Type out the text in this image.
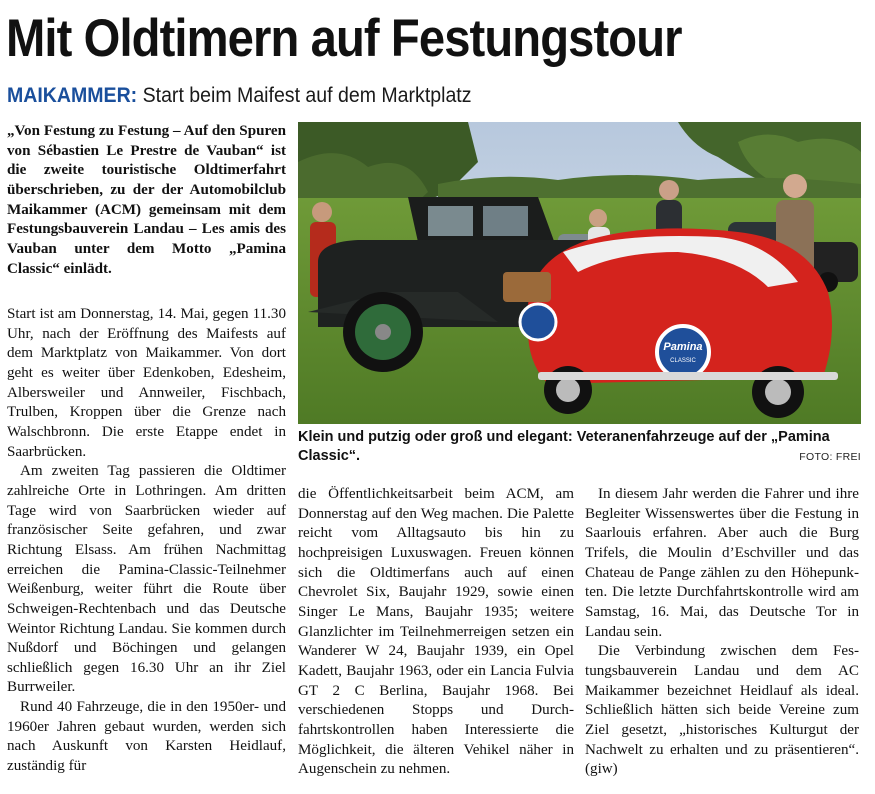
Mit Oldtimern auf Festungstour
MAIKAMMER: Start beim Maifest auf dem Marktplatz

„Von Festung zu Festung – Auf den Spuren von Sébastien Le Prestre de Vauban“ ist die zweite touristische Oldtimerfahrt überschrieben, zu der der Automobilclub Maikammer (ACM) gemeinsam mit dem Festungsbauverein Landau – Les amis des Vauban unter dem Motto „Pamina Classic“ einlädt.

Start ist am Donnerstag, 14. Mai, gegen 11.30 Uhr, nach der Eröffnung des Maifests auf dem Marktplatz von Maikammer. Von dort geht es weiter über Edenkoben, Edesheim, Albersweiler und Annweiler, Fischbach, Trulben, Kroppen über die Grenze nach Walschbronn. Die erste Etappe endet in Saarbrücken.

Am zweiten Tag passieren die Oldtimer zahlreiche Orte in Lothringen. Am dritten Tage wird von Saarbrücken wieder auf französischer Seite gefahren, und zwar Richtung Elsass. Am frühen Nachmittag erreichen die Pamina-Classic-Teilnehmer Weißenburg, weiter führt die Route über Schweigen-Rechtenbach und das Deutsche Weintor Richtung Landau. Sie kommen durch Nußdorf und Böchingen und gelangen schließlich gegen 16.30 Uhr an ihr Ziel Burrweiler.

Rund 40 Fahrzeuge, die in den 1950er- und 1960er Jahren gebaut wurden, werden sich nach Auskunft von Karsten Heidlauf, zuständig für

die Öffentlichkeitsarbeit beim ACM, am Donnerstag auf den Weg machen. Die Palette reicht vom Alltagsauto bis hin zu hochpreisigen Luxuswagen. Freuen können sich die Oldtimerfans auch auf einen Chevrolet Six, Baujahr 1929, sowie einen Singer Le Mans, Baujahr 1935; weitere Glanzlichter im Teilnehmerreigen setzen ein Wanderer W 24, Baujahr 1939, ein Opel Kadett, Baujahr 1963, oder ein Lancia Fulvia GT 2 C Berlina, Baujahr 1968. Bei verschiedenen Stopps und Durchfahrtskontrollen haben Interessierte die Möglichkeit, die älteren Vehikel näher in Augenschein zu nehmen.

In diesem Jahr werden die Fahrer und ihre Begleiter Wissenswertes über die Festung in Saarlouis erfahren. Aber auch die Burg Trifels, die Moulin d’Eschviller und das Chateau de Pange zählen zu den Höhepunkten. Die letzte Durchfahrtskontrolle wird am Samstag, 16. Mai, das Deutsche Tor in Landau sein.

Die Verbindung zwischen dem Festungsbauverein Landau und dem AC Maikammer bezeichnet Heidlauf als ideal. Schließlich hätten sich beide Vereine zum Ziel gesetzt, „historisches Kulturgut der Nachwelt zu erhalten und zu präsentieren“. (giw)

Pamina
CLASSIC

Klein und putzig oder groß und elegant: Veteranenfahrzeuge auf der „Pamina Classic“.	FOTO: FREI
